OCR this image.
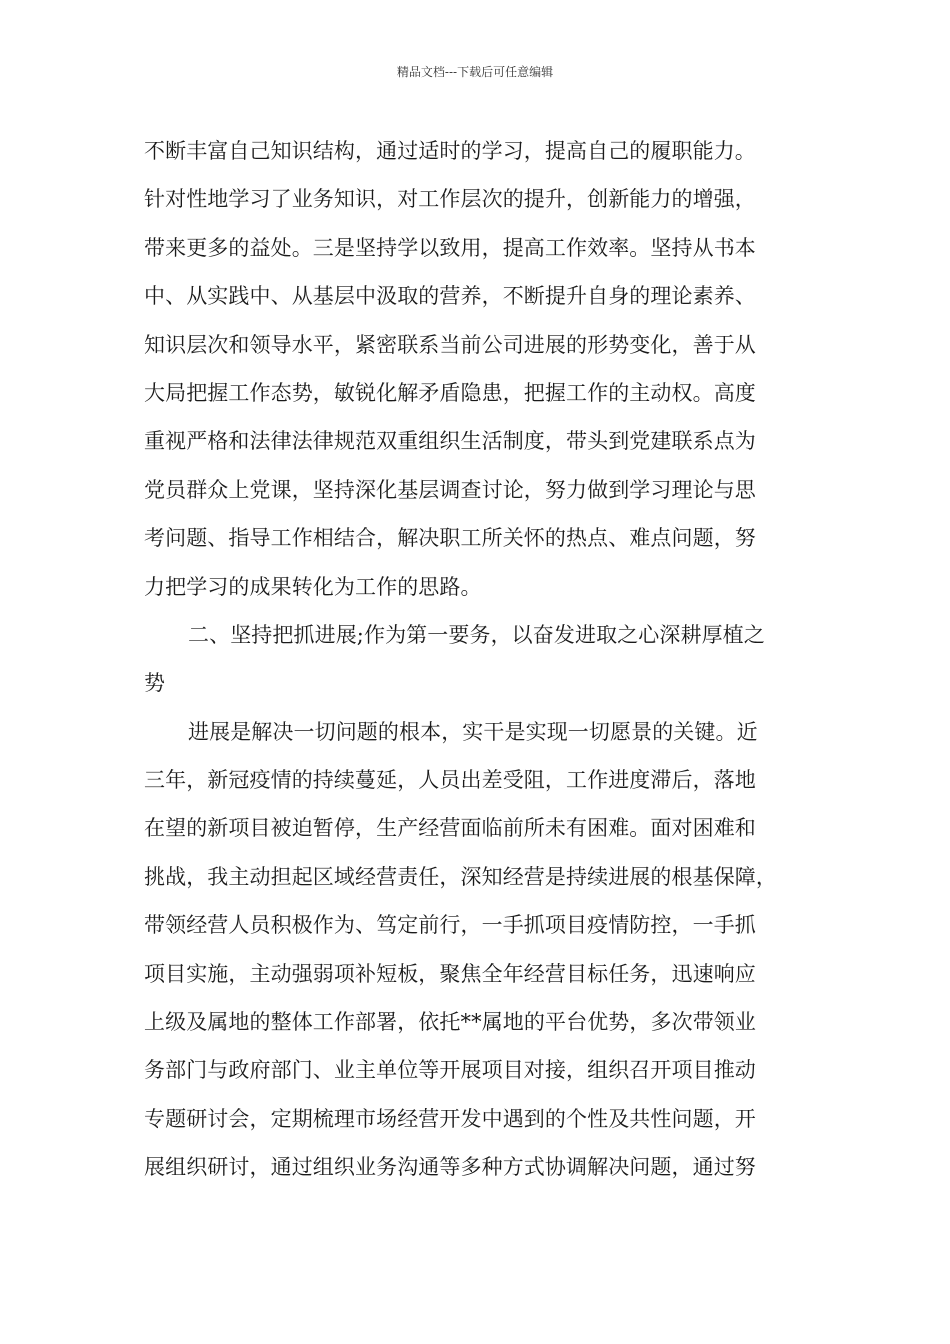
精品文档---下载后可任意编辑
不断丰富自己知识结构，通过适时的学习，提高自己的履职能力。
针对性地学习了业务知识，对工作层次的提升，创新能力的增强，
带来更多的益处。三是坚持学以致用，提高工作效率。坚持从书本
中、从实践中、从基层中汲取的营养，不断提升自身的理论素养、
知识层次和领导水平，紧密联系当前公司进展的形势变化，善于从
大局把握工作态势，敏锐化解矛盾隐患，把握工作的主动权。高度
重视严格和法律法律规范双重组织生活制度，带头到党建联系点为
党员群众上党课，坚持深化基层调查讨论，努力做到学习理论与思
考问题、指导工作相结合，解决职工所关怀的热点、难点问题，努
力把学习的成果转化为工作的思路。
二、坚持把抓进展;作为第一要务，以奋发进取之心深耕厚植之
势
进展是解决一切问题的根本，实干是实现一切愿景的关键。近
三年，新冠疫情的持续蔓延，人员出差受阻，工作进度滞后，落地
在望的新项目被迫暂停，生产经营面临前所未有困难。面对困难和
挑战，我主动担起区域经营责任，深知经营是持续进展的根基保障，
带领经营人员积极作为、笃定前行，一手抓项目疫情防控，一手抓
项目实施，主动强弱项补短板，聚焦全年经营目标任务，迅速响应
上级及属地的整体工作部署，依托**属地的平台优势，多次带领业
务部门与政府部门、业主单位等开展项目对接，组织召开项目推动
专题研讨会，定期梳理市场经营开发中遇到的个性及共性问题，开
展组织研讨，通过组织业务沟通等多种方式协调解决问题，通过努
